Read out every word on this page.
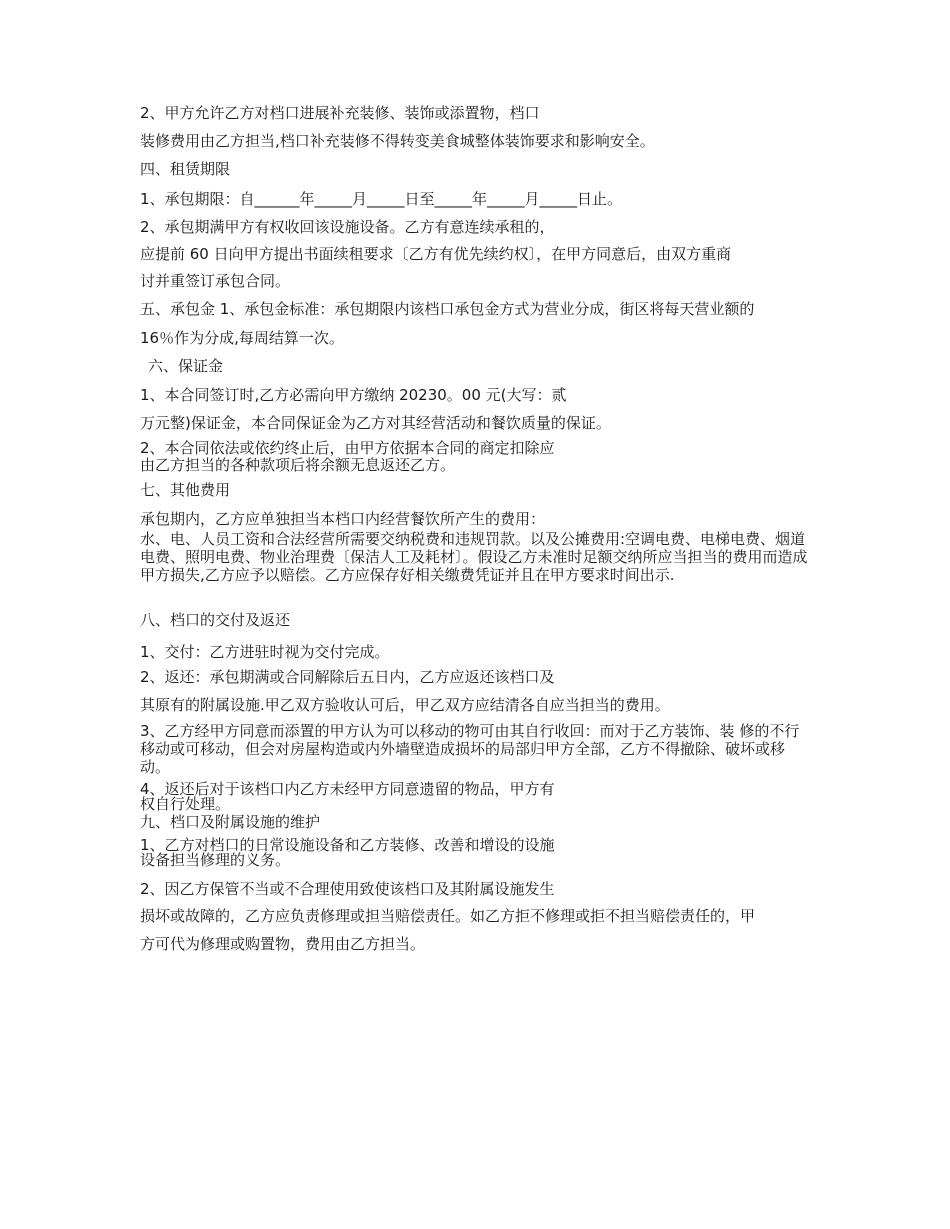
2、甲方允许乙方对档口进展补充装修、装饰或添置物，档口

装修费用由乙方担当,档口补充装修不得转变美食城整体装饰要求和影响安全。

四、租赁期限

1、承包期限：自______年_____月_____日至_____年_____月_____日止。

2、承包期满甲方有权收回该设施设备。乙方有意连续承租的，

应提前 60 日向甲方提出书面续租要求〔乙方有优先续约权〕，在甲方同意后，由双方重商

讨并重签订承包合同。

五、承包金 1、承包金标准：承包期限内该档口承包金方式为营业分成，街区将每天营业额的

16％作为分成,每周结算一次。

六、保证金

1、本合同签订时,乙方必需向甲方缴纳 20230。00 元(大写：贰

万元整)保证金，本合同保证金为乙方对其经营活动和餐饮质量的保证。

2、本合同依法或依约终止后，由甲方依据本合同的商定扣除应

由乙方担当的各种款项后将余额无息返还乙方。

七、其他费用

承包期内，乙方应单独担当本档口内经营餐饮所产生的费用：

水、电、人员工资和合法经营所需要交纳税费和违规罚款。以及公摊费用:空调电费、电梯电费、烟道电费、照明电费、物业治理费〔保洁人工及耗材〕。假设乙方未准时足额交纳所应当担当的费用而造成甲方损失,乙方应予以赔偿。乙方应保存好相关缴费凭证并且在甲方要求时间出示.

八、档口的交付及返还

1、交付：乙方进驻时视为交付完成。

2、返还：承包期满或合同解除后五日内，乙方应返还该档口及

其原有的附属设施.甲乙双方验收认可后，甲乙双方应结清各自应当担当的费用。

3、乙方经甲方同意而添置的甲方认为可以移动的物可由其自行收回：而对于乙方装饰、装 修的不行移动或可移动，但会对房屋构造或内外墙壁造成损坏的局部归甲方全部，乙方不得撤除、破坏或移动。

4、返还后对于该档口内乙方未经甲方同意遗留的物品，甲方有

权自行处理。

九、档口及附属设施的维护

1、乙方对档口的日常设施设备和乙方装修、改善和增设的设施

设备担当修理的义务。

2、因乙方保管不当或不合理使用致使该档口及其附属设施发生

损坏或故障的，乙方应负责修理或担当赔偿责任。如乙方拒不修理或拒不担当赔偿责任的，甲

方可代为修理或购置物，费用由乙方担当。
